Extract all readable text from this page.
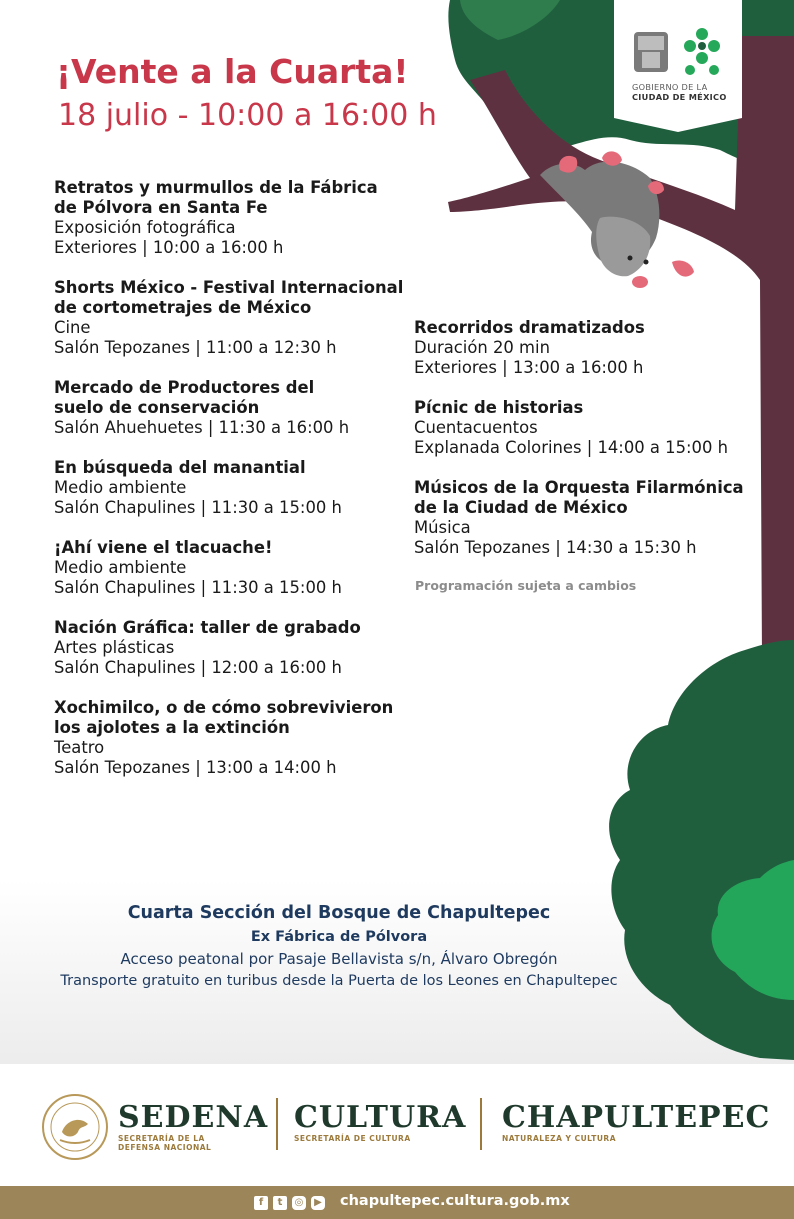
GOBIERNO DE LA
CIUDAD DE MÉXICO
¡Vente a la Cuarta!
18 julio - 10:00 a 16:00 h
Retratos y murmullos de la Fábrica
de Pólvora en Santa Fe
Exposición fotográfica
Exteriores | 10:00 a 16:00 h
Shorts México - Festival Internacional
de cortometrajes de México
Cine
Salón Tepozanes | 11:00 a 12:30 h
Mercado de Productores del
suelo de conservación
Salón Ahuehuetes | 11:30 a 16:00 h
En búsqueda del manantial
Medio ambiente
Salón Chapulines | 11:30 a 15:00 h
¡Ahí viene el tlacuache!
Medio ambiente
Salón Chapulines | 11:30 a 15:00 h
Nación Gráfica: taller de grabado
Artes plásticas
Salón Chapulines | 12:00 a 16:00 h
Xochimilco, o de cómo sobrevivieron
los ajolotes a la extinción
Teatro
Salón Tepozanes | 13:00 a 14:00 h
Recorridos dramatizados
Duración 20 min
Exteriores | 13:00 a 16:00 h
Pícnic de historias
Cuentacuentos
Explanada Colorines | 14:00 a 15:00 h
Músicos de la Orquesta Filarmónica
de la Ciudad de México
Música
Salón Tepozanes | 14:30 a 15:30 h
Programación sujeta a cambios
Cuarta Sección del Bosque de Chapultepec
Ex Fábrica de Pólvora
Acceso peatonal por Pasaje Bellavista s/n, Álvaro Obregón
Transporte gratuito en turibus desde la Puerta de los Leones en Chapultepec
SEDENA
SECRETARÍA DE LA DEFENSA NACIONAL
CULTURA
SECRETARÍA DE CULTURA
CHAPULTEPEC
NATURALEZA Y CULTURA
f	t	◎	▶ chapultepec.cultura.gob.mx
